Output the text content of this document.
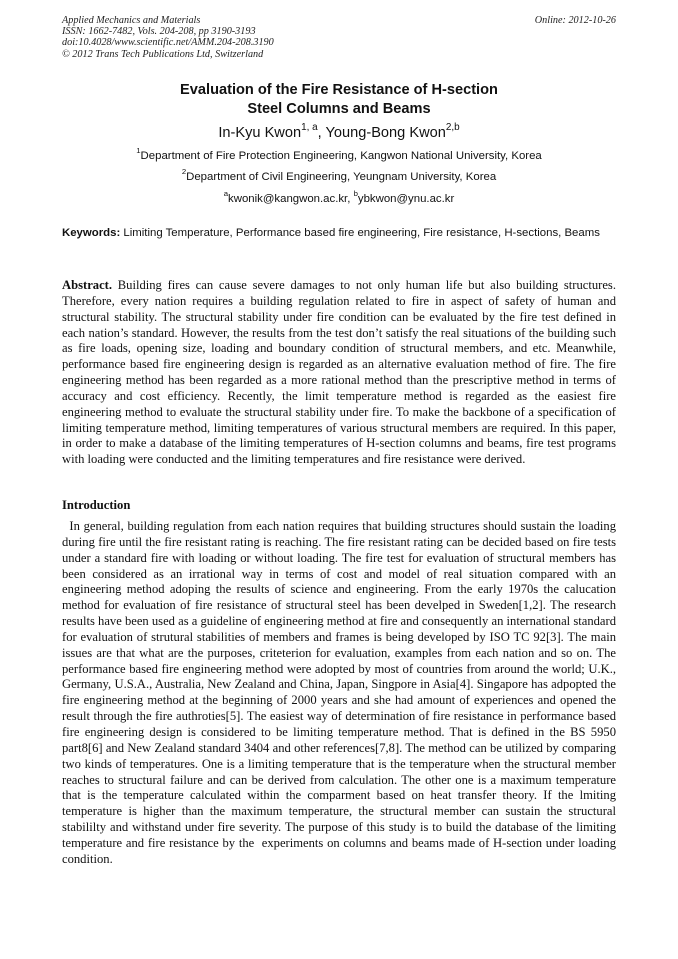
Applied Mechanics and Materials
ISSN: 1662-7482, Vols. 204-208, pp 3190-3193
doi:10.4028/www.scientific.net/AMM.204-208.3190
© 2012 Trans Tech Publications Ltd, Switzerland
Online: 2012-10-26
Evaluation of the Fire Resistance of H-section
Steel Columns and Beams
In-Kyu Kwon$^{1, a}$, Young-Bong Kwon$^{2,b}$
$^1$Department of Fire Protection Engineering, Kangwon National University, Korea
$^2$Department of Civil Engineering, Yeungnam University, Korea
$^a$kwonik@kangwon.ac.kr, $^b$ybkwon@ynu.ac.kr
Keywords: Limiting Temperature, Performance based fire engineering, Fire resistance, H-sections, Beams
Abstract. Building fires can cause severe damages to not only human life but also building structures. Therefore, every nation requires a building regulation related to fire in aspect of safety of human and structural stability. The structural stability under fire condition can be evaluated by the fire test defined in each nation’s standard. However, the results from the test don’t satisfy the real situations of the building such as fire loads, opening size, loading and boundary condition of structural members, and etc. Meanwhile, performance based fire engineering design is regarded as an alternative evaluation method of fire. The fire engineering method has been regarded as a more rational method than the prescriptive method in terms of accuracy and cost efficiency. Recently, the limit temperature method is regarded as the easiest fire engineering method to evaluate the structural stability under fire. To make the backbone of a specification of limiting temperature method, limiting temperatures of various structural members are required. In this paper, in order to make a database of the limiting temperatures of H-section columns and beams, fire test programs with loading were conducted and the limiting temperatures and fire resistance were derived.
Introduction
In general, building regulation from each nation requires that building structures should sustain the loading during fire until the fire resistant rating is reaching. The fire resistant rating can be decided based on fire tests under a standard fire with loading or without loading. The fire test for evaluation of structural members has been considered as an irrational way in terms of cost and model of real situation compared with an engineering method adoping the results of science and engineering. From the early 1970s the calucation method for evaluation of fire resistance of structural steel has been develped in Sweden[1,2]. The research results have been used as a guideline of engineering method at fire and consequently an international standard for evaluation of strutural stabilities of members and frames is being developed by ISO TC 92[3]. The main issues are that what are the purposes, criteterion for evaluation, examples from each nation and so on. The performance based fire engineering method were adopted by most of countries from around the world; U.K., Germany, U.S.A., Australia, New Zealand and China, Japan, Singpore in Asia[4]. Singapore has adpopted the fire engineering method at the beginning of 2000 years and she had amount of experiences and opened the result through the fire authroties[5]. The easiest way of determination of fire resistance in performance based fire engineering design is considered to be limiting temperature method. That is defined in the BS 5950 part8[6] and New Zealand standard 3404 and other references[7,8]. The method can be utilized by comparing two kinds of temperatures. One is a limiting temperature that is the temperature when the structural member reaches to structural failure and can be derived from calculation. The other one is a maximum temperature that is the temperature calculated within the comparment based on heat transfer theory. If the lmiting temperature is higher than the maximum temperature, the structural member can sustain the structural stabililty and withstand under fire severity. The purpose of this study is to build the database of the limiting temperature and fire resistance by the  experiments on columns and beams made of H-section under loading condition.
